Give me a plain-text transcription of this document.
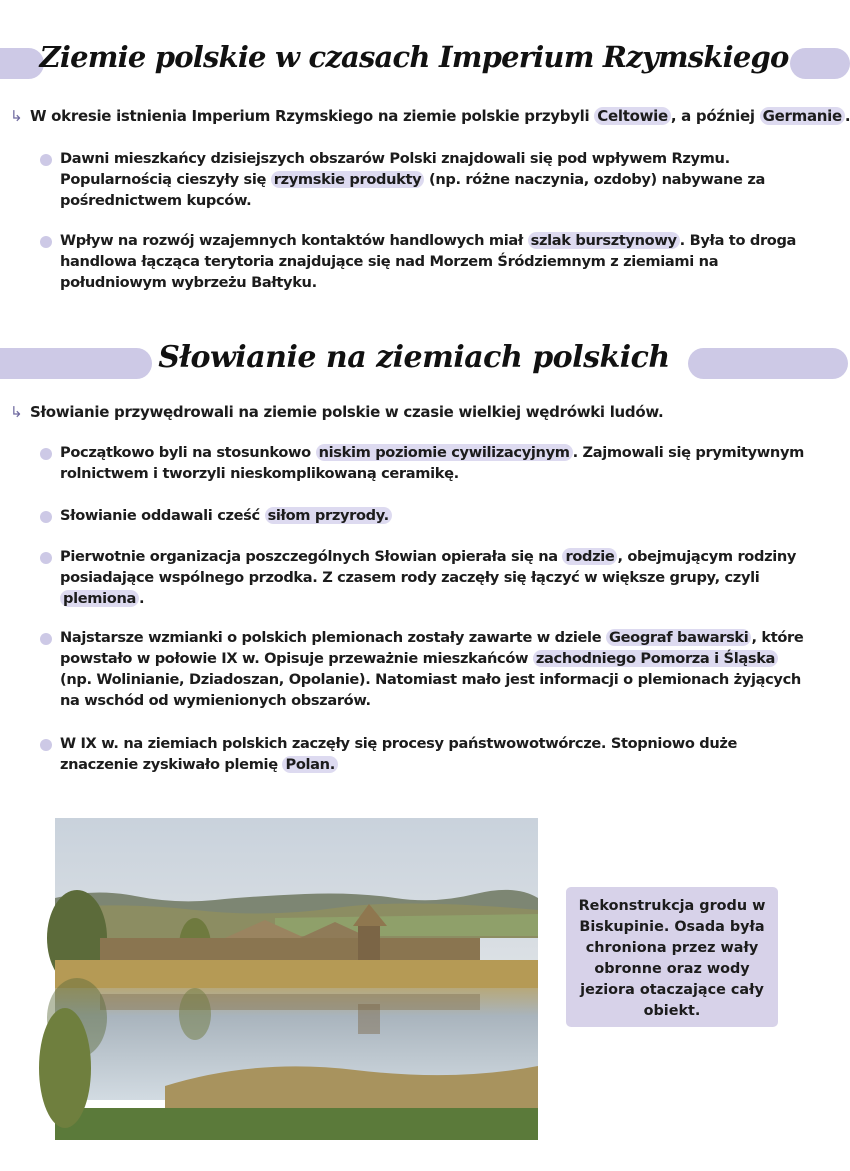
Ziemie polskie w czasach Imperium Rzymskiego
↳ W okresie istnienia Imperium Rzymskiego na ziemie polskie przybyli Celtowie , a później Germanie .
Dawni mieszkańcy dzisiejszych obszarów Polski znajdowali się pod wpływem Rzymu. Popularnością cieszyły się rzymskie produkty (np. różne naczynia, ozdoby) nabywane za pośrednictwem kupców.
Wpływ na rozwój wzajemnych kontaktów handlowych miał szlak bursztynowy . Była to droga handlowa łącząca terytoria znajdujące się nad Morzem Śródziemnym z ziemiami na południowym wybrzeżu Bałtyku.
Słowianie na ziemiach polskich
↳ Słowianie przywędrowali na ziemie polskie w czasie wielkiej wędrówki ludów.
Początkowo byli na stosunkowo niskim poziomie cywilizacyjnym . Zajmowali się prymitywnym rolnictwem i tworzyli nieskomplikowaną ceramikę.
Słowianie oddawali cześć siłom przyrody.
Pierwotnie organizacja poszczególnych Słowian opierała się na rodzie , obejmującym rodziny posiadające wspólnego przodka. Z czasem rody zaczęły się łączyć w większe grupy, czyli plemiona .
Najstarsze wzmianki o polskich plemionach zostały zawarte w dziele Geograf bawarski , które powstało w połowie IX w. Opisuje przeważnie mieszkańców zachodniego Pomorza i Śląska (np. Wolinianie, Dziadoszan, Opolanie). Natomiast mało jest informacji o plemionach żyjących na wschód od wymienionych obszarów.
W IX w. na ziemiach polskich zaczęły się procesy państwowotwórcze. Stopniowo duże znaczenie zyskiwało plemię Polan.
Rekonstrukcja grodu w Biskupinie. Osada była chroniona przez wały obronne oraz wody jeziora otaczające cały obiekt.
